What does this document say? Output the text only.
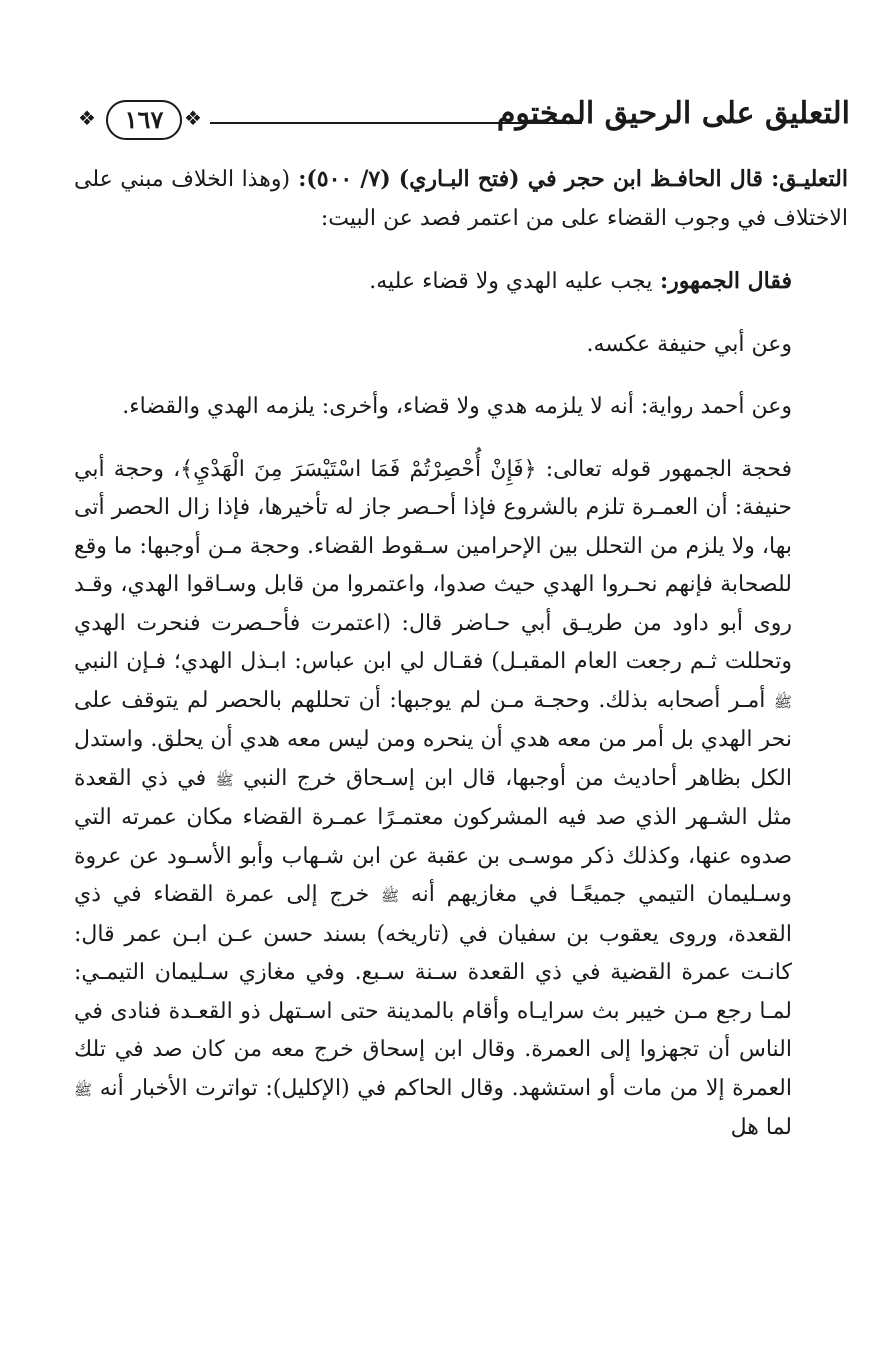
التعليق على الرحيق المختوم
❖	١٦٧	❖

التعليـق: قال الحافـظ ابن حجر في (فتح البـاري) (٧/ ٥٠٠): (وهذا الخلاف مبني على الاختلاف في وجوب القضاء على من اعتمر فصد عن البيت:

فقال الجمهور: يجب عليه الهدي ولا قضاء عليه.

وعن أبي حنيفة عكسه.

وعن أحمد رواية: أنه لا يلزمه هدي ولا قضاء، وأخرى: يلزمه الهدي والقضاء.

فحجة الجمهور قوله تعالى: ﴿فَإِنْ أُحْصِرْتُمْ فَمَا اسْتَيْسَرَ مِنَ الْهَدْيِ﴾، وحجة أبي حنيفة: أن العمـرة تلزم بالشروع فإذا أحـصر جاز له تأخيرها، فإذا زال الحصر أتى بها، ولا يلزم من التحلل بين الإحرامين سـقوط القضاء. وحجة مـن أوجبها: ما وقع للصحابة فإنهم نحـروا الهدي حيث صدوا، واعتمروا من قابل وسـاقوا الهدي، وقـد روى أبو داود من طريـق أبي حـاضر قال: (اعتمرت فأحـصرت فنحرت الهدي وتحللت ثـم رجعت العام المقبـل) فقـال لي ابن عباس: ابـذل الهدي؛ فـإن النبي ﷺ أمـر أصحابه بذلك. وحجـة مـن لم يوجبها: أن تحللهم بالحصر لم يتوقف على نحر الهدي بل أمر من معه هدي أن ينحره ومن ليس معه هدي أن يحلق. واستدل الكل بظاهر أحاديث من أوجبها، قال ابن إسـحاق خرج النبي ﷺ في ذي القعدة مثل الشـهر الذي صد فيه المشركون معتمـرًا عمـرة القضاء مكان عمرته التي صدوه عنها، وكذلك ذكر موسـى بن عقبة عن ابن شـهاب وأبو الأسـود عن عروة وسـليمان التيمي جميعًـا في مغازيهم أنه ﷺ خرج إلى عمرة القضاء في ذي القعدة، وروى يعقوب بن سفيان في (تاريخه) بسند حسن عـن ابـن عمر قال: كانـت عمرة القضية في ذي القعدة سـنة سـبع. وفي مغازي سـليمان التيمـي: لمـا رجع مـن خيبر بث سرايـاه وأقام بالمدينة حتى اسـتهل ذو القعـدة فنادى في الناس أن تجهزوا إلى العمرة. وقال ابن إسحاق خرج معه من كان صد في تلك العمرة إلا من مات أو استشهد. وقال الحاكم في (الإكليل): تواترت الأخبار أنه ﷺ لما هل
